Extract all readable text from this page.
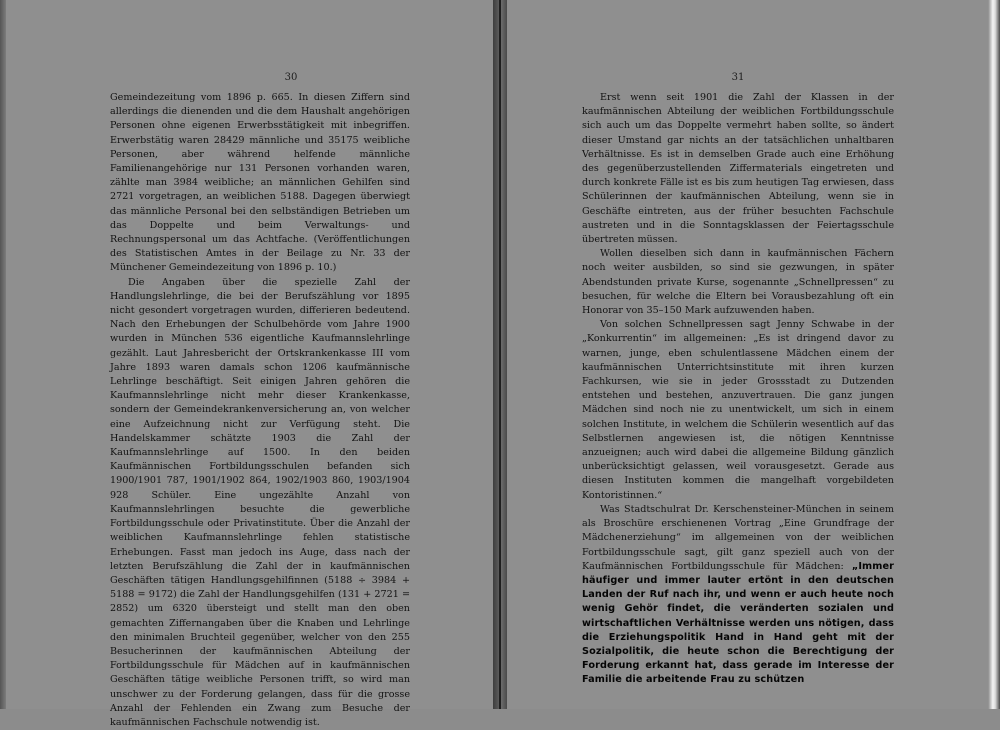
30

Gemeindezeitung vom 1896 p. 665. In diesen Ziffern sind allerdings die dienenden und die dem Haushalt angehörigen Personen ohne eigenen Erwerbsstätigkeit mit inbegriffen. Erwerbstätig waren 28429 männliche und 35175 weibliche Personen, aber während helfende männliche Familienangehörige nur 131 Personen vorhanden waren, zählte man 3984 weibliche; an männlichen Gehilfen sind 2721 vorgetragen, an weiblichen 5188. Dagegen überwiegt das männliche Personal bei den selbständigen Betrieben um das Doppelte und beim Verwaltungs- und Rechnungspersonal um das Achtfache. (Veröffentlichungen des Statistischen Amtes in der Beilage zu Nr. 33 der Münchener Gemeindezeitung von 1896 p. 10.)

Die Angaben über die spezielle Zahl der Handlungslehrlinge, die bei der Berufszählung vor 1895 nicht gesondert vorgetragen wurden, differieren bedeutend. Nach den Erhebungen der Schulbehörde vom Jahre 1900 wurden in München 536 eigentliche Kaufmannslehrlinge gezählt. Laut Jahresbericht der Ortskrankenkasse III vom Jahre 1893 waren damals schon 1206 kaufmännische Lehrlinge beschäftigt. Seit einigen Jahren gehören die Kaufmannslehrlinge nicht mehr dieser Krankenkasse, sondern der Gemeindekrankenversicherung an, von welcher eine Aufzeichnung nicht zur Verfügung steht. Die Handelskammer schätzte 1903 die Zahl der Kaufmannslehrlinge auf 1500. In den beiden Kaufmännischen Fortbildungsschulen befanden sich 1900/1901 787, 1901/1902 864, 1902/1903 860, 1903/1904 928 Schüler. Eine ungezählte Anzahl von Kaufmannslehrlingen besuchte die gewerbliche Fortbildungsschule oder Privatinstitute. Über die Anzahl der weiblichen Kaufmannslehrlinge fehlen statistische Erhebungen. Fasst man jedoch ins Auge, dass nach der letzten Berufszählung die Zahl der in kaufmännischen Geschäften tätigen Handlungsgehilfinnen (5188 ÷ 3984 + 5188 = 9172) die Zahl der Handlungsgehilfen (131 + 2721 = 2852) um 6320 übersteigt und stellt man den oben gemachten Ziffernangaben über die Knaben und Lehrlinge den minimalen Bruchteil gegenüber, welcher von den 255 Besucherinnen der kaufmännischen Abteilung der Fortbildungsschule für Mädchen auf in kaufmännischen Geschäften tätige weibliche Personen trifft, so wird man unschwer zu der Forderung gelangen, dass für die grosse Anzahl der Fehlenden ein Zwang zum Besuche der kaufmännischen Fachschule notwendig ist.

31

Erst wenn seit 1901 die Zahl der Klassen in der kaufmännischen Abteilung der weiblichen Fortbildungsschule sich auch um das Doppelte vermehrt haben sollte, so ändert dieser Umstand gar nichts an der tatsächlichen unhaltbaren Verhältnisse. Es ist in demselben Grade auch eine Erhöhung des gegenüberzustellenden Ziffermaterials eingetreten und durch konkrete Fälle ist es bis zum heutigen Tag erwiesen, dass Schülerinnen der kaufmännischen Abteilung, wenn sie in Geschäfte eintreten, aus der früher besuchten Fachschule austreten und in die Sonntagsklassen der Feiertagsschule übertreten müssen.

Wollen dieselben sich dann in kaufmännischen Fächern noch weiter ausbilden, so sind sie gezwungen, in später Abendstunden private Kurse, sogenannte „Schnellpressen“ zu besuchen, für welche die Eltern bei Vorausbezahlung oft ein Honorar von 35–150 Mark aufzuwenden haben.

Von solchen Schnellpressen sagt Jenny Schwabe in der „Konkurrentin“ im allgemeinen: „Es ist dringend davor zu warnen, junge, eben schulentlassene Mädchen einem der kaufmännischen Unterrichtsinstitute mit ihren kurzen Fachkursen, wie sie in jeder Grossstadt zu Dutzenden entstehen und bestehen, anzuvertrauen. Die ganz jungen Mädchen sind noch nie zu unentwickelt, um sich in einem solchen Institute, in welchem die Schülerin wesentlich auf das Selbstlernen angewiesen ist, die nötigen Kenntnisse anzueignen; auch wird dabei die allgemeine Bildung gänzlich unberücksichtigt gelassen, weil vorausgesetzt. Gerade aus diesen Instituten kommen die mangelhaft vorgebildeten Kontoristinnen.“

Was Stadtschulrat Dr. Kerschensteiner-München in seinem als Broschüre erschienenen Vortrag „Eine Grundfrage der Mädchenerziehung“ im allgemeinen von der weiblichen Fortbildungsschule sagt, gilt ganz speziell auch von der Kaufmännischen Fortbildungsschule für Mädchen: „Immer häufiger und immer lauter ertönt in den deutschen Landen der Ruf nach ihr, und wenn er auch heute noch wenig Gehör findet, die veränderten sozialen und wirtschaftlichen Verhältnisse werden uns nötigen, dass die Erziehungspolitik Hand in Hand geht mit der Sozialpolitik, die heute schon die Berechtigung der Forderung erkannt hat, dass gerade im Interesse der Familie die arbeitende Frau zu schützen
